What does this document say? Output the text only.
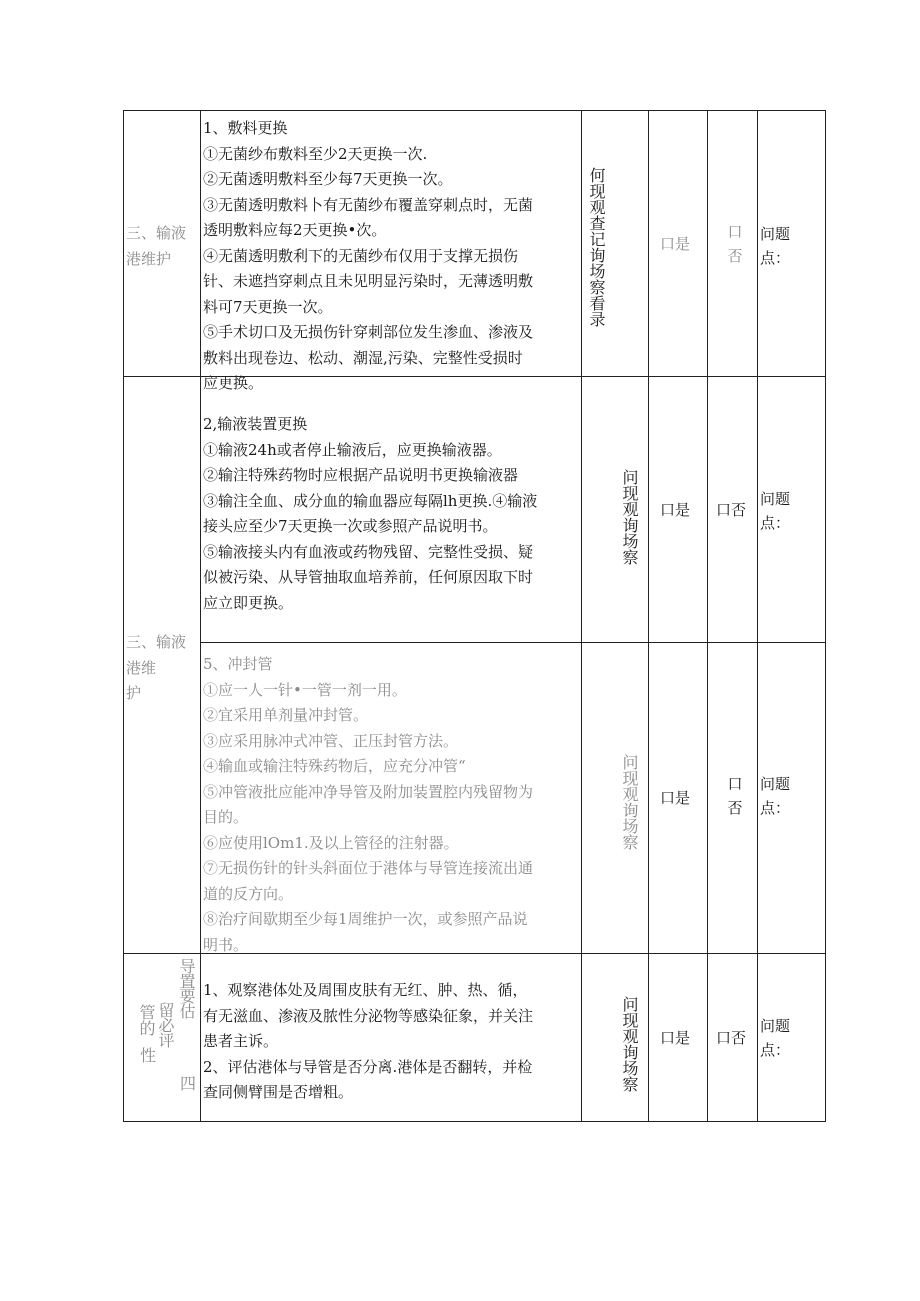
三、输液
港维护

1、敷料更换

①无菌纱布敷料至少2天更换一次.

②无菌透明敷料至少每7天更换一次。

③无菌透明敷料卜有无菌纱布覆盖穿刺点时，无菌

透明敷料应每2天更换•次。

④无菌透明敷利下的无菌纱布仅用于支撑无损伤

针、未遮挡穿刺点且未见明显污染时，无薄透明敷

料可7天更换一次。

⑤手术切口及无损伤针穿刺部位发生渗血、渗液及

敷料出现卷边、松动、潮湿,污染、完整性受损时

应更换。

场察看录
何现观查记询	口是
口
否
问题
点：

2,输液装置更换

①输液24h或者停止输液后，应更换输液器。

②输注特殊药物时应根据产品说明书更换输液器

③输注全血、成分血的输血器应每隔lh更换.④输液

接头应至少7天更换一次或参照产品说明书。

⑤输液接头内有血液或药物残留、完整性受损、疑

似被污染、从导管抽取血培养前，任何原因取下时

应立即更换。

场察
问现观询 口是 口否
问题
点：
三、输液
港维
护

5、冲封管

①应一人一针•一管一剂一用。

②宜采用单剂量冲封管。

③应采用脉冲式冲管、正压封管方法。

④输血或输注特殊药物后，应充分冲管“

⑤冲管液批应能冲净导管及附加装置腔内残留物为

目的。

⑥应使用lOm1.及以上管径的注射器。

⑦无损伤针的针头斜面位于港体与导管连接流出通

道的反方向。

⑧治疗间歇期至少每1周维护一次，或参照产品说

明书。

场察
问现观询 口是
口
否
问题
点：
导置要估
留必评
管的
性
四

1、观察港体处及周围皮肤有无红、肿、热、循，

有无滋血、渗液及脓性分泌物等感染征象，并关注

患者主诉。

2、评估港体与导管是否分离.港体是否翻转，并检

查同侧臂围是否增粗。	场察
问现观询 口是 口否
问题
点：
